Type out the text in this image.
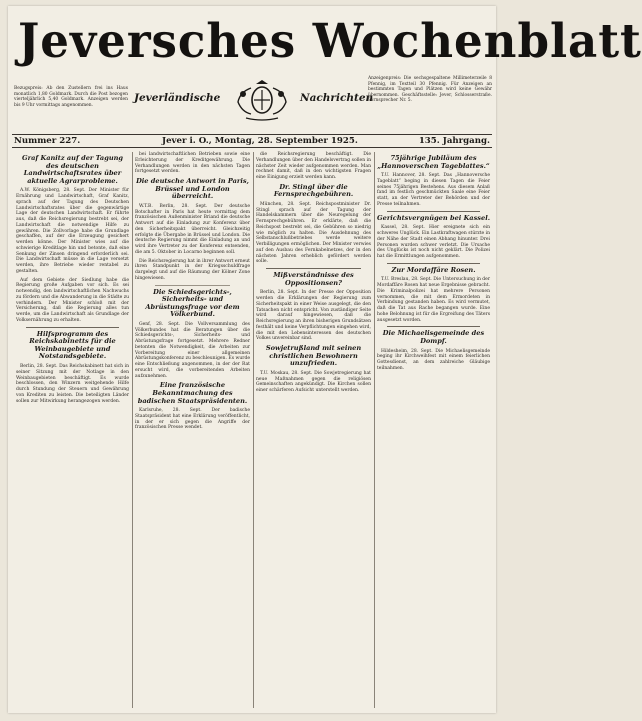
Jeversches Wochenblatt
Bezugspreis: Ab den Zustellern frei ins Haus monatlich 1,80 Goldmark. Durch die Post bezogen vierteljährlich 5,40 Goldmark. Anzeigen werden bis 9 Uhr vormittags angenommen.
Jeverländische	Nachrichten
Anzeigenpreis: Die sechsgespaltene Millimeterzeile 8 Pfennig, im Textteil 30 Pfennig. Für Anzeigen an bestimmten Tagen und Plätzen wird keine Gewähr übernommen. Geschäftsstelle: Jever, Schlosserstraße. Fernsprecher Nr. 5.
Nummer 227.	Jever i. O., Montag, 28. September 1925.	135. Jahrgang.
Graf Kanitz auf der Tagung des deutschen Landwirtschaftsrates über aktuelle Agrarprobleme.
A.W. Königsberg, 28. Sept. Der Minister für Ernährung und Landwirtschaft, Graf Kanitz, sprach auf der Tagung des Deutschen Landwirtschaftsrates über die gegenwärtige Lage der deutschen Landwirtschaft. Er führte aus, daß die Reichsregierung bestrebt sei, der Landwirtschaft die notwendige Hilfe zu gewähren. Die Zollvorlage habe die Grundlage geschaffen, auf der die Erzeugung gesichert werden könne. Der Minister wies auf die schwierige Kreditlage hin und betonte, daß eine Senkung der Zinsen dringend erforderlich sei. Die Landwirtschaft müsse in die Lage versetzt werden, ihre Betriebe wieder rentabel zu gestalten.
Auf dem Gebiete der Siedlung habe die Regierung große Aufgaben vor sich. Es sei notwendig, den landwirtschaftlichen Nachwuchs zu fördern und die Abwanderung in die Städte zu verhindern. Der Minister schloß mit der Versicherung, daß die Regierung alles tun werde, um die Landwirtschaft als Grundlage der Volksernährung zu erhalten.
Hilfsprogramm des Reichskabinetts für die Weinbaugebiete und Notstandsgebiete.
Berlin, 28. Sept. Das Reichskabinett hat sich in seiner Sitzung mit der Notlage in den Weinbaugebieten beschäftigt. Es wurde beschlossen, den Winzern weitgehende Hilfe durch Stundung der Steuern und Gewährung von Krediten zu leisten. Die beteiligten Länder sollen zur Mitwirkung herangezogen werden.
bei landwirtschaftlichen Betrieben sowie eine Erleichterung der Kreditgewährung. Die Verhandlungen werden in den nächsten Tagen fortgesetzt werden.
Die deutsche Antwort in Paris, Brüssel und London überreicht.
W.T.B. Berlin, 28. Sept. Der deutsche Botschafter in Paris hat heute vormittag dem französischen Außenminister Briand die deutsche Antwort auf die Einladung zur Konferenz über den Sicherheitspakt überreicht. Gleichzeitig erfolgte die Übergabe in Brüssel und London. Die deutsche Regierung nimmt die Einladung an und wird ihre Vertreter zu der Konferenz entsenden, die am 5. Oktober in Locarno beginnen soll.
Die Reichsregierung hat in ihrer Antwort erneut ihren Standpunkt in der Kriegsschuldfrage dargelegt und auf die Räumung der Kölner Zone hingewiesen.
Die Schiedsgerichts-, Sicherheits- und Abrüstungsfrage vor dem Völkerbund.
Genf, 28. Sept. Die Vollversammlung des Völkerbundes hat die Beratungen über die Schiedsgerichts-, Sicherheits- und Abrüstungsfrage fortgesetzt. Mehrere Redner betonten die Notwendigkeit, die Arbeiten zur Vorbereitung einer allgemeinen Abrüstungskonferenz zu beschleunigen. Es wurde eine Entschließung angenommen, in der der Rat ersucht wird, die vorbereitenden Arbeiten aufzunehmen.
Eine französische Bekanntmachung des badischen Staatspräsidenten.
Karlsruhe, 28. Sept. Der badische Staatspräsident hat eine Erklärung veröffentlicht, in der er sich gegen die Angriffe der französischen Presse wendet.
die Reichsregierung beschäftigt. Die Verhandlungen über den Handelsvertrag sollen in nächster Zeit wieder aufgenommen werden. Man rechnet damit, daß in den wichtigsten Fragen eine Einigung erzielt werden kann.
Dr. Stingl über die Fernsprechgebühren.
München, 28. Sept. Reichspostminister Dr. Stingl sprach auf der Tagung der Handelskammern über die Neuregelung der Fernsprechgebühren. Er erklärte, daß die Reichspost bestrebt sei, die Gebühren so niedrig wie möglich zu halten. Die Ausdehnung des Selbstanschlußbetriebes werde weitere Verbilligungen ermöglichen. Der Minister verwies auf den Ausbau des Fernkabelnetzes, der in den nächsten Jahren erheblich gefördert werden solle.
Mißverständnisse des Oppositionsen?
Berlin, 28. Sept. In der Presse der Opposition werden die Erklärungen der Regierung zum Sicherheitspakt in einer Weise ausgelegt, die den Tatsachen nicht entspricht. Von zuständiger Seite wird darauf hingewiesen, daß die Reichsregierung an ihren bisherigen Grundsätzen festhält und keine Verpflichtungen eingehen wird, die mit den Lebensinteressen des deutschen Volkes unvereinbar sind.
Sowjetrußland mit seinen christlichen Bewohnern unzufrieden.
T.U. Moskau, 28. Sept. Die Sowjetregierung hat neue Maßnahmen gegen die religiösen Gemeinschaften angekündigt. Die Kirchen sollen einer schärferen Aufsicht unterstellt werden.
75jährige Jubiläum des „Hannoverschen Tageblattes.“
T.U. Hannover, 28. Sept. Das „Hannoversche Tageblatt“ beging in diesen Tagen die Feier seines 75jährigen Bestehens. Aus diesem Anlaß fand im festlich geschmückten Saale eine Feier statt, an der Vertreter der Behörden und der Presse teilnahmen.
Gerichtsvergnügen bei Kassel.
Kassel, 28. Sept. Hier ereignete sich ein schweres Unglück. Ein Lastkraftwagen stürzte in der Nähe der Stadt einen Abhang hinunter. Drei Personen wurden schwer verletzt. Die Ursache des Unglücks ist noch nicht geklärt. Die Polizei hat die Ermittlungen aufgenommen.
Zur Mordaffäre Rosen.
T.U. Breslau, 28. Sept. Die Untersuchung in der Mordaffäre Rosen hat neue Ergebnisse gebracht. Die Kriminalpolizei hat mehrere Personen vernommen, die mit dem Ermordeten in Verbindung gestanden haben. Es wird vermutet, daß die Tat aus Rache begangen wurde. Eine hohe Belohnung ist für die Ergreifung des Täters ausgesetzt worden.
Die Michaelisgemeinde des Dompf.
Hildesheim, 28. Sept. Die Michaelisgemeinde beging ihr Kirchweihfest mit einem feierlichen Gottesdienst, an dem zahlreiche Gläubige teilnahmen.
